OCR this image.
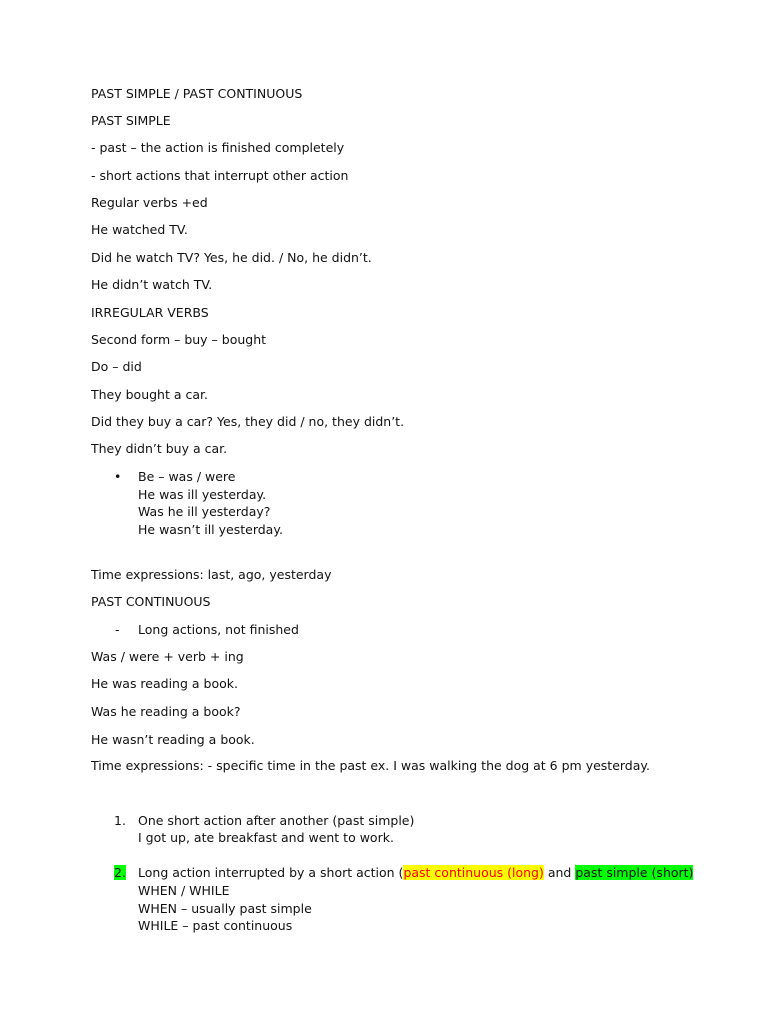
PAST SIMPLE / PAST CONTINUOUS
PAST SIMPLE
- past – the action is finished completely
- short actions that interrupt other action
Regular verbs +ed
He watched TV.
Did he watch TV? Yes, he did. / No, he didn’t.
He didn’t watch TV.
IRREGULAR VERBS
Second form – buy – bought
Do – did
They bought a car.
Did they buy a car? Yes, they did / no, they didn’t.
They didn’t buy a car.
• Be – was / were
He was ill yesterday.
Was he ill yesterday?
He wasn’t ill yesterday.
Time expressions: last, ago, yesterday
PAST CONTINUOUS
- Long actions, not finished
Was / were + verb + ing
He was reading a book.
Was he reading a book?
He wasn’t reading a book.
Time expressions: - specific time in the past ex. I was walking the dog at 6 pm yesterday.
1. One short action after another (past simple)
I got up, ate breakfast and went to work.
2. Long action interrupted by a short action (past continuous (long) and past simple (short)
WHEN / WHILE
WHEN – usually past simple
WHILE – past continuous
